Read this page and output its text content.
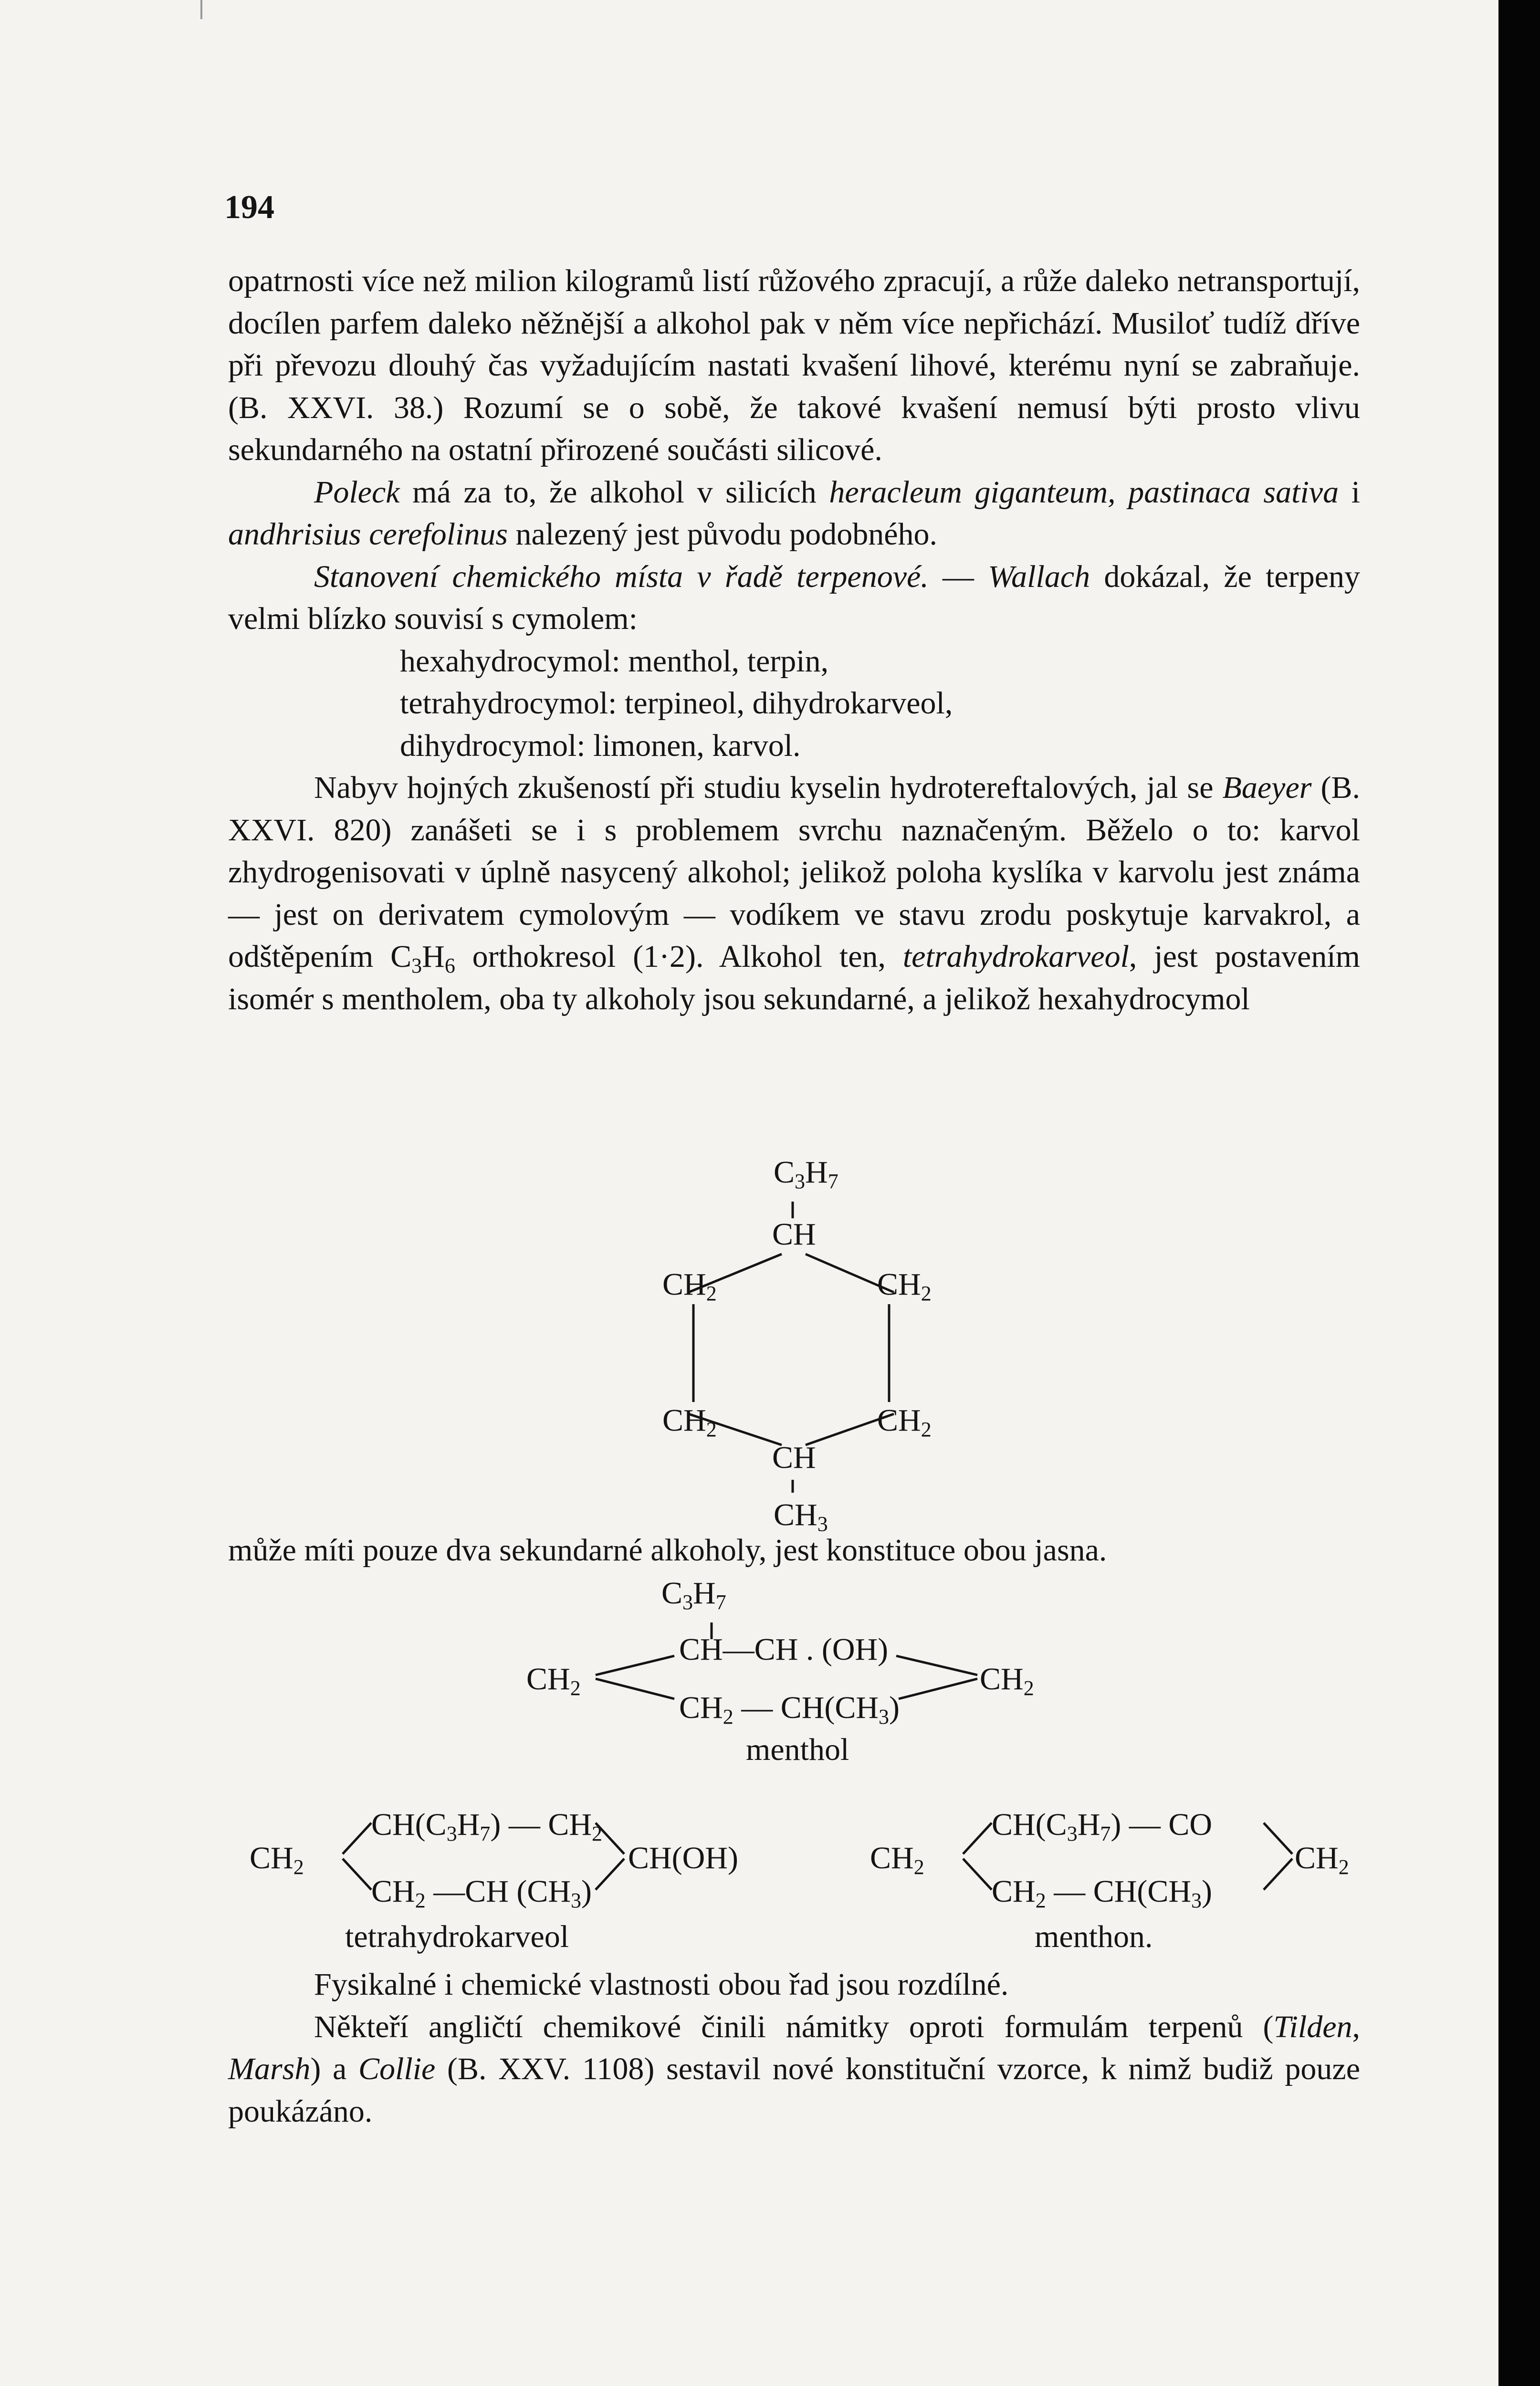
194

opatrnosti více než milion kilogramů listí růžového zpracují, a růže daleko netransportují, docílen parfem daleko něžnější a alkohol pak v něm více nepřichází. Musiloť tudíž dříve při převozu dlouhý čas vyžadujícím nastati kvašení lihové, kterému nyní se zabraňuje. (B. XXVI. 38.) Rozumí se o sobě, že takové kvašení nemusí býti prosto vlivu sekundarného na ostatní přirozené součásti silicové.

Poleck má za to, že alkohol v silicích heracleum giganteum, pastinaca sativa i andhrisius cerefolinus nalezený jest původu podobného.

Stanovení chemického místa v řadě terpenové. — Wallach dokázal, že terpeny velmi blízko souvisí s cymolem:

hexahydrocymol: menthol, terpin,
tetrahydrocymol: terpineol, dihydrokarveol,
dihydrocymol: limonen, karvol.

Nabyv hojných zkušeností při studiu kyselin hydrotereftalových, jal se Baeyer (B. XXVI. 820) zanášeti se i s problemem svrchu naznačeným. Běželo o to: karvol zhydrogenisovati v úplně nasycený alkohol; jelikož poloha kyslíka v karvolu jest známa — jest on derivatem cymolovým — vodíkem ve stavu zrodu poskytuje karvakrol, a odštěpením $C_3H_6$ orthokresol (1·2). Alkohol ten, tetrahydrokarveol, jest postavením isomér s mentholem, oba ty alkoholy jsou sekundarné, a jelikož hexahydrocymol

$C_3H_7$
CH
$CH_2$	$CH_2$
$CH_2$	$CH_2$
CH
$CH_3$
může míti pouze dva sekundarné alkoholy, jest konstituce obou jasna.
$C_3H_7$
$CH_2$
CH—CH . (OH)
$CH_2$ — $CH(CH_3)$
$CH_2$
menthol
$CH_2$
$CH(C_3H_7)$ — $CH_2$
$CH_2$ —CH $(CH_3)$
CH(OH)
tetrahydrokarveol
$CH_2$
$CH(C_3H_7)$ — CO
$CH_2$ — $CH(CH_3)$
$CH_2$
menthon.

Fysikalné i chemické vlastnosti obou řad jsou rozdílné.

Někteří angličtí chemikové činili námitky oproti formulám terpenů (Tilden, Marsh) a Collie (B. XXV. 1108) sestavil nové konstituční vzorce, k nimž budiž pouze poukázáno.
